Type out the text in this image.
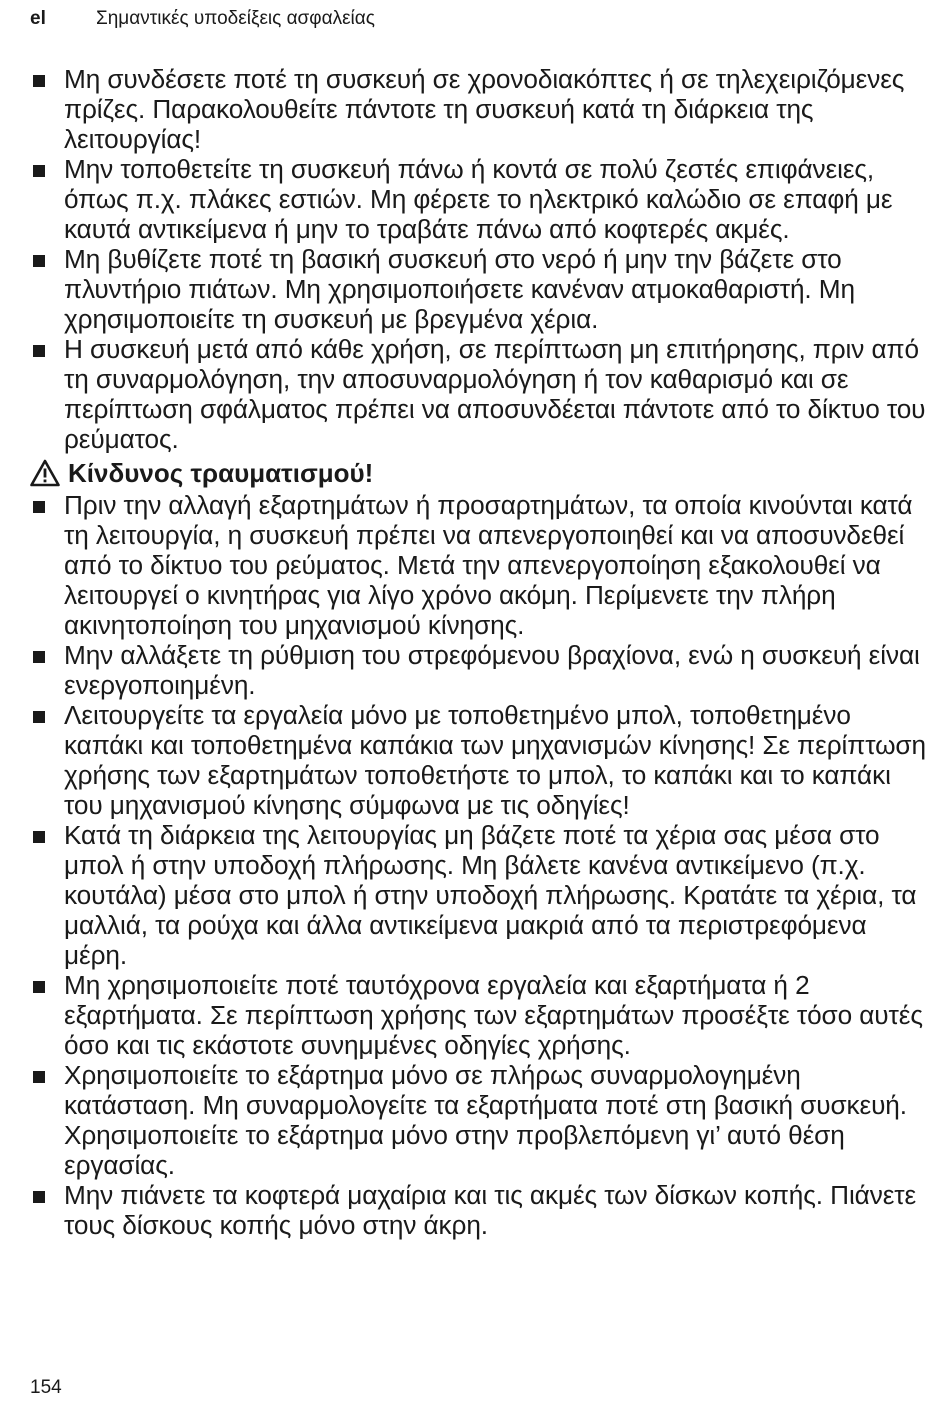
el	Σημαντικές υποδείξεις ασφαλείας
Μη συνδέσετε ποτέ τη συσκευή σε χρονοδιακόπτες ή σε τηλεχειριζόμενες πρίζες. Παρακολουθείτε πάντοτε τη συσκευή κατά τη διάρκεια της λειτουργίας!
Μην τοποθετείτε τη συσκευή πάνω ή κοντά σε πολύ ζεστές επιφάνειες, όπως π.χ. πλάκες εστιών. Μη φέρετε το ηλεκτρικό καλώδιο σε επαφή με καυτά αντικείμενα ή μην το τραβάτε πάνω από κοφτερές ακμές.
Μη βυθίζετε ποτέ τη βασική συσκευή στο νερό ή μην την βάζετε στο πλυντήριο πιάτων. Μη χρησιμοποιήσετε κανέναν ατμοκαθαριστή. Μη χρησιμοποιείτε τη συσκευή με βρεγμένα χέρια.
Η συσκευή μετά από κάθε χρήση, σε περίπτωση μη επιτήρησης, πριν από τη συναρμολόγηση, την αποσυναρμολόγηση ή τον καθαρισμό και σε περίπτωση σφάλματος πρέπει να αποσυνδέεται πάντοτε από το δίκτυο του ρεύματος.
Κίνδυνος τραυματισμού!
Πριν την αλλαγή εξαρτημάτων ή προσαρτημάτων, τα οποία κινούνται κατά τη λειτουργία, η συσκευή πρέπει να απενεργοποιηθεί και να αποσυνδεθεί από το δίκτυο του ρεύματος. Μετά την απενεργοποίηση εξακολουθεί να λειτουργεί ο κινητήρας για λίγο χρόνο ακόμη. Περίμενετε την πλήρη ακινητοποίηση του μηχανισμού κίνησης.
Μην αλλάξετε τη ρύθμιση του στρεφόμενου βραχίονα, ενώ η συσκευή είναι ενεργοποιημένη.
Λειτουργείτε τα εργαλεία μόνο με τοποθετημένο μπολ, τοποθετημένο καπάκι και τοποθετημένα καπάκια των μηχανισμών κίνησης! Σε περίπτωση χρήσης των εξαρτημάτων τοποθετήστε το μπολ, το καπάκι και το καπάκι του μηχανισμού κίνησης σύμφωνα με τις οδηγίες!
Κατά τη διάρκεια της λειτουργίας μη βάζετε ποτέ τα χέρια σας μέσα στο μπολ ή στην υποδοχή πλήρωσης. Μη βάλετε κανένα αντικείμενο (π.χ. κουτάλα) μέσα στο μπολ ή στην υποδοχή πλήρωσης. Κρατάτε τα χέρια, τα μαλλιά, τα ρούχα και άλλα αντικείμενα μακριά από τα περιστρεφόμενα μέρη.
Μη χρησιμοποιείτε ποτέ ταυτόχρονα εργαλεία και εξαρτήματα ή 2 εξαρτήματα. Σε περίπτωση χρήσης των εξαρτημάτων προσέξτε τόσο αυτές όσο και τις εκάστοτε συνημμένες οδηγίες χρήσης.
Χρησιμοποιείτε το εξάρτημα μόνο σε πλήρως συναρμολογημένη κατάσταση. Μη συναρμολογείτε τα εξαρτήματα ποτέ στη βασική συσκευή. Χρησιμοποιείτε το εξάρτημα μόνο στην προβλεπόμενη γι’ αυτό θέση εργασίας.
Μην πιάνετε τα κοφτερά μαχαίρια και τις ακμές των δίσκων κοπής. Πιάνετε τους δίσκους κοπής μόνο στην άκρη.
154
